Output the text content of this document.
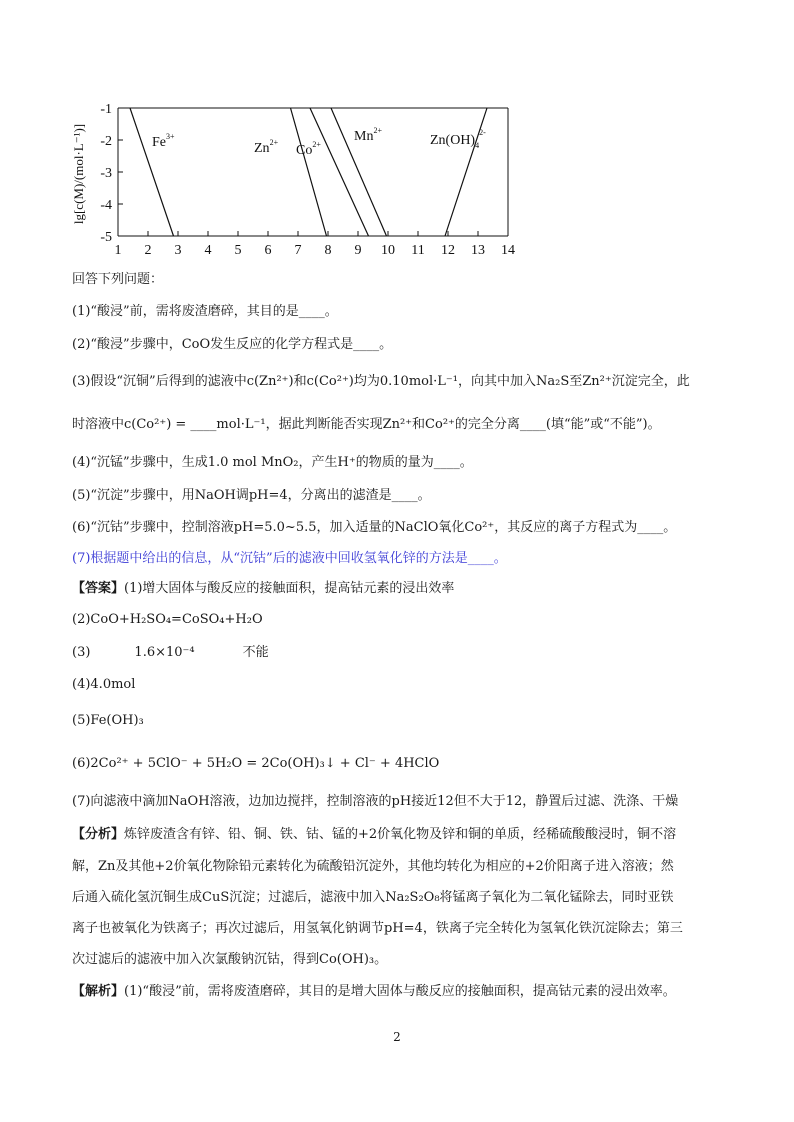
lg[c(M)/(mol·L⁻¹)]
-1
-2
-3
-4
-5
1 2 3 4 5 6 7 8 9 10 11 12 13 14
$Fe^{3+}$
$Zn^{2+}$
$Co^{2+}$
$Mn^{2+}$
$Zn(OH)_4^{2-}$
回答下列问题：
(1)“酸浸”前，需将废渣磨碎，其目的是____。
(2)“酸浸”步骤中，CoO发生反应的化学方程式是____。
(3)假设“沉铜”后得到的滤液中c(Zn²⁺)和c(Co²⁺)均为0.10mol·L⁻¹，向其中加入Na₂S至Zn²⁺沉淀完全，此
时溶液中c(Co²⁺) = ____mol·L⁻¹，据此判断能否实现Zn²⁺和Co²⁺的完全分离____(填“能”或“不能”)。
(4)“沉锰”步骤中，生成1.0 mol MnO₂，产生H⁺的物质的量为____。
(5)“沉淀”步骤中，用NaOH调pH=4，分离出的滤渣是____。
(6)“沉钴”步骤中，控制溶液pH=5.0~5.5，加入适量的NaClO氧化Co²⁺，其反应的离子方程式为____。
(7)根据题中给出的信息，从“沉钴”后的滤液中回收氢氧化锌的方法是____。
【答案】(1)增大固体与酸反应的接触面积，提高钴元素的浸出效率
(2)CoO+H₂SO₄=CoSO₄+H₂O
(3)	1.6×10⁻⁴	不能
(4)4.0mol
(5)Fe(OH)₃
(6)2Co²⁺ + 5ClO⁻ + 5H₂O = 2Co(OH)₃↓ + Cl⁻ + 4HClO
(7)向滤液中滴加NaOH溶液，边加边搅拌，控制溶液的pH接近12但不大于12，静置后过滤、洗涤、干燥
【分析】炼锌废渣含有锌、铅、铜、铁、钴、锰的+2价氧化物及锌和铜的单质，经稀硫酸酸浸时，铜不溶
解，Zn及其他+2价氧化物除铅元素转化为硫酸铅沉淀外，其他均转化为相应的+2价阳离子进入溶液；然
后通入硫化氢沉铜生成CuS沉淀；过滤后，滤液中加入Na₂S₂O₈将锰离子氧化为二氧化锰除去，同时亚铁
离子也被氧化为铁离子；再次过滤后，用氢氧化钠调节pH=4，铁离子完全转化为氢氧化铁沉淀除去；第三
次过滤后的滤液中加入次氯酸钠沉钴，得到Co(OH)₃。
【解析】(1)“酸浸”前，需将废渣磨碎，其目的是增大固体与酸反应的接触面积，提高钴元素的浸出效率。
2
